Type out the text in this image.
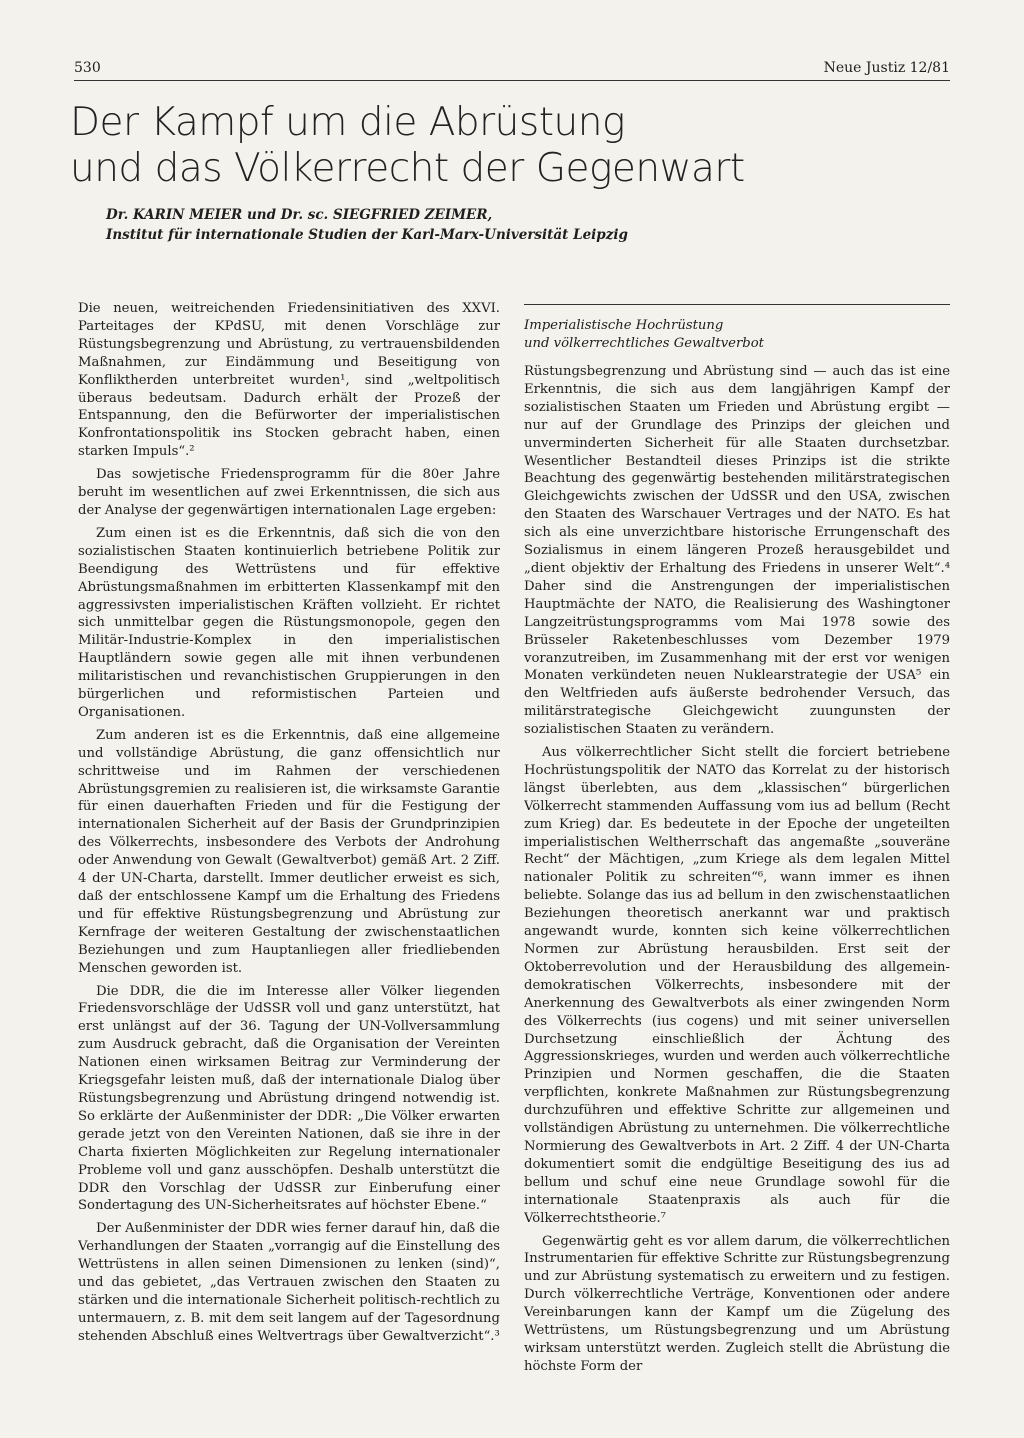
530	Neue Justiz 12/81
Der Kampf um die Abrüstung
und das Völkerrecht der Gegenwart
Dr. KARIN MEIER und Dr. sc. SIEGFRIED ZEIMER,
Institut für internationale Studien der Karl-Marx-Universität Leipzig

Die neuen, weitreichenden Friedensinitiativen des XXVI. Parteitages der KPdSU, mit denen Vorschläge zur Rüstungsbegrenzung und Abrüstung, zu vertrauensbildenden Maßnahmen, zur Eindämmung und Beseitigung von Konfliktherden unterbreitet wurden¹, sind „weltpolitisch überaus bedeutsam. Dadurch erhält der Prozeß der Entspannung, den die Befürworter der imperialistischen Konfrontationspolitik ins Stocken gebracht haben, einen starken Impuls“.²

Das sowjetische Friedensprogramm für die 80er Jahre beruht im wesentlichen auf zwei Erkenntnissen, die sich aus der Analyse der gegenwärtigen internationalen Lage ergeben:

Zum einen ist es die Erkenntnis, daß sich die von den sozialistischen Staaten kontinuierlich betriebene Politik zur Beendigung des Wettrüstens und für effektive Abrüstungsmaßnahmen im erbitterten Klassenkampf mit den aggressivsten imperialistischen Kräften vollzieht. Er richtet sich unmittelbar gegen die Rüstungsmonopole, gegen den Militär-Industrie-Komplex in den imperialistischen Hauptländern sowie gegen alle mit ihnen verbundenen militaristischen und revanchistischen Gruppierungen in den bürgerlichen und reformistischen Parteien und Organisationen.

Zum anderen ist es die Erkenntnis, daß eine allgemeine und vollständige Abrüstung, die ganz offensichtlich nur schrittweise und im Rahmen der verschiedenen Abrüstungsgremien zu realisieren ist, die wirksamste Garantie für einen dauerhaften Frieden und für die Festigung der internationalen Sicherheit auf der Basis der Grundprinzipien des Völkerrechts, insbesondere des Verbots der Androhung oder Anwendung von Gewalt (Gewaltverbot) gemäß Art. 2 Ziff. 4 der UN-Charta, darstellt. Immer deutlicher erweist es sich, daß der entschlossene Kampf um die Erhaltung des Friedens und für effektive Rüstungsbegrenzung und Abrüstung zur Kernfrage der weiteren Gestaltung der zwischenstaatlichen Beziehungen und zum Hauptanliegen aller friedliebenden Menschen geworden ist.

Die DDR, die die im Interesse aller Völker liegenden Friedensvorschläge der UdSSR voll und ganz unterstützt, hat erst unlängst auf der 36. Tagung der UN-Vollversammlung zum Ausdruck gebracht, daß die Organisation der Vereinten Nationen einen wirksamen Beitrag zur Verminderung der Kriegsgefahr leisten muß, daß der internationale Dialog über Rüstungsbegrenzung und Abrüstung dringend notwendig ist. So erklärte der Außenminister der DDR: „Die Völker erwarten gerade jetzt von den Vereinten Nationen, daß sie ihre in der Charta fixierten Möglichkeiten zur Regelung internationaler Probleme voll und ganz ausschöpfen. Deshalb unterstützt die DDR den Vorschlag der UdSSR zur Einberufung einer Sondertagung des UN-Sicherheitsrates auf höchster Ebene.“

Der Außenminister der DDR wies ferner darauf hin, daß die Verhandlungen der Staaten „vorrangig auf die Einstellung des Wettrüstens in allen seinen Dimensionen zu lenken (sind)“, und das gebietet, „das Vertrauen zwischen den Staaten zu stärken und die internationale Sicherheit politisch-rechtlich zu untermauern, z. B. mit dem seit langem auf der Tagesordnung stehenden Abschluß eines Weltvertrags über Gewaltverzicht“.³

Imperialistische Hochrüstung
und völkerrechtliches Gewaltverbot

Rüstungsbegrenzung und Abrüstung sind — auch das ist eine Erkenntnis, die sich aus dem langjährigen Kampf der sozialistischen Staaten um Frieden und Abrüstung ergibt — nur auf der Grundlage des Prinzips der gleichen und unverminderten Sicherheit für alle Staaten durchsetzbar. Wesentlicher Bestandteil dieses Prinzips ist die strikte Beachtung des gegenwärtig bestehenden militärstrategischen Gleichgewichts zwischen der UdSSR und den USA, zwischen den Staaten des Warschauer Vertrages und der NATO. Es hat sich als eine unverzichtbare historische Errungenschaft des Sozialismus in einem längeren Prozeß herausgebildet und „dient objektiv der Erhaltung des Friedens in unserer Welt“.⁴ Daher sind die Anstrengungen der imperialistischen Hauptmächte der NATO, die Realisierung des Washingtoner Langzeitrüstungsprogramms vom Mai 1978 sowie des Brüsseler Raketenbeschlusses vom Dezember 1979 voranzutreiben, im Zusammenhang mit der erst vor wenigen Monaten verkündeten neuen Nuklearstrategie der USA⁵ ein den Weltfrieden aufs äußerste bedrohender Versuch, das militärstrategische Gleichgewicht zuungunsten der sozialistischen Staaten zu verändern.

Aus völkerrechtlicher Sicht stellt die forciert betriebene Hochrüstungspolitik der NATO das Korrelat zu der historisch längst überlebten, aus dem „klassischen“ bürgerlichen Völkerrecht stammenden Auffassung vom ius ad bellum (Recht zum Krieg) dar. Es bedeutete in der Epoche der ungeteilten imperialistischen Weltherrschaft das angemaßte „souveräne Recht“ der Mächtigen, „zum Kriege als dem legalen Mittel nationaler Politik zu schreiten“⁶, wann immer es ihnen beliebte. Solange das ius ad bellum in den zwischenstaatlichen Beziehungen theoretisch anerkannt war und praktisch angewandt wurde, konnten sich keine völkerrechtlichen Normen zur Abrüstung herausbilden. Erst seit der Oktoberrevolution und der Herausbildung des allgemein-demokratischen Völkerrechts, insbesondere mit der Anerkennung des Gewaltverbots als einer zwingenden Norm des Völkerrechts (ius cogens) und mit seiner universellen Durchsetzung einschließlich der Ächtung des Aggressionskrieges, wurden und werden auch völkerrechtliche Prinzipien und Normen geschaffen, die die Staaten verpflichten, konkrete Maßnahmen zur Rüstungsbegrenzung durchzuführen und effektive Schritte zur allgemeinen und vollständigen Abrüstung zu unternehmen. Die völkerrechtliche Normierung des Gewaltverbots in Art. 2 Ziff. 4 der UN-Charta dokumentiert somit die endgültige Beseitigung des ius ad bellum und schuf eine neue Grundlage sowohl für die internationale Staatenpraxis als auch für die Völkerrechtstheorie.⁷

Gegenwärtig geht es vor allem darum, die völkerrechtlichen Instrumentarien für effektive Schritte zur Rüstungsbegrenzung und zur Abrüstung systematisch zu erweitern und zu festigen. Durch völkerrechtliche Verträge, Konventionen oder andere Vereinbarungen kann der Kampf um die Zügelung des Wettrüstens, um Rüstungsbegrenzung und um Abrüstung wirksam unterstützt werden. Zugleich stellt die Abrüstung die höchste Form der
